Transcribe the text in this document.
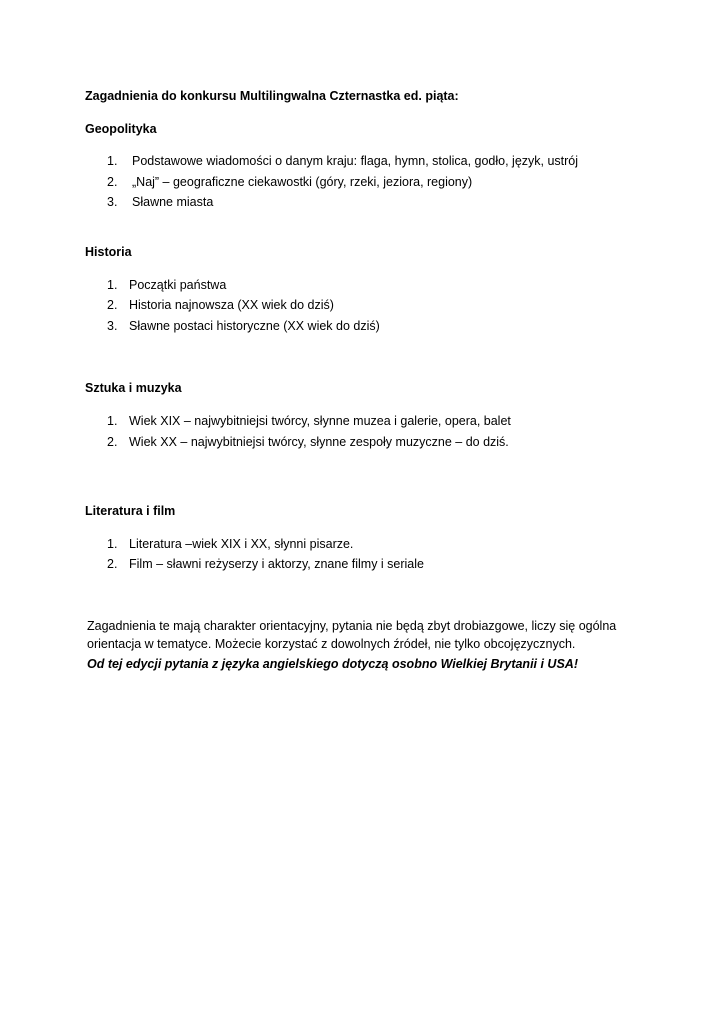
Zagadnienia do konkursu Multilingwalna Czternastka ed. piąta:
Geopolityka
1. Podstawowe wiadomości o danym kraju: flaga, hymn, stolica, godło, język, ustrój
2. „Naj” – geograficzne ciekawostki (góry, rzeki, jeziora, regiony)
3. Sławne miasta
Historia
1. Początki państwa
2. Historia najnowsza (XX wiek do dziś)
3. Sławne postaci historyczne (XX wiek do dziś)
Sztuka i muzyka
1. Wiek XIX – najwybitniejsi twórcy, słynne muzea i galerie, opera, balet
2. Wiek XX – najwybitniejsi twórcy, słynne zespoły muzyczne – do dziś.
Literatura i film
1. Literatura –wiek XIX i XX, słynni pisarze.
2. Film – sławni reżyserzy i aktorzy, znane filmy i seriale
Zagadnienia te mają charakter orientacyjny, pytania nie będą zbyt drobiazgowe, liczy się ogólna
orientacja w tematyce. Możecie korzystać z dowolnych źródeł, nie tylko obcojęzycznych.
Od tej edycji pytania z języka angielskiego dotyczą osobno Wielkiej Brytanii i USA!
